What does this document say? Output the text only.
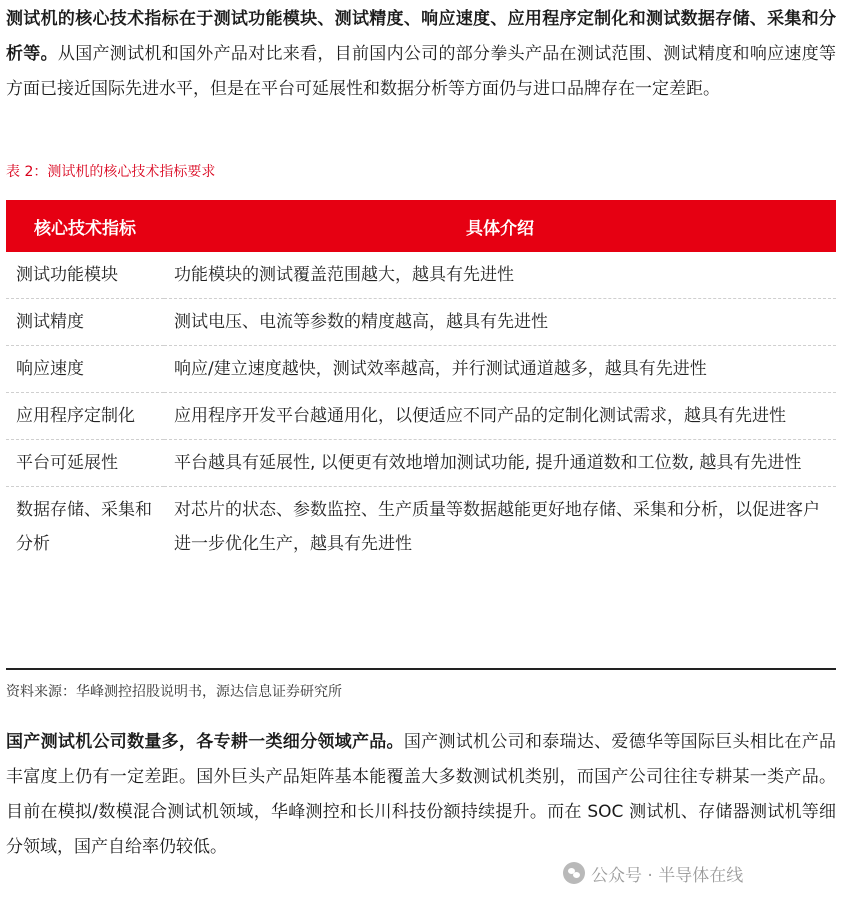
测试机的核心技术指标在于测试功能模块、测试精度、响应速度、应用程序定制化和测试数据存储、采集和分析等。从国产测试机和国外产品对比来看，目前国内公司的部分拳头产品在测试范围、测试精度和响应速度等方面已接近国际先进水平，但是在平台可延展性和数据分析等方面仍与进口品牌存在一定差距。

表 2：测试机的核心技术指标要求
核心技术指标	具体介绍
测试功能模块	功能模块的测试覆盖范围越大，越具有先进性
测试精度	测试电压、电流等参数的精度越高，越具有先进性
响应速度	响应/建立速度越快，测试效率越高，并行测试通道越多，越具有先进性
应用程序定制化	应用程序开发平台越通用化，以便适应不同产品的定制化测试需求，越具有先进性
平台可延展性	平台越具有延展性, 以便更有效地增加测试功能, 提升通道数和工位数, 越具有先进性
数据存储、采集和分析	对芯片的状态、参数监控、生产质量等数据越能更好地存储、采集和分析，以促进客户进一步优化生产，越具有先进性
资料来源：华峰测控招股说明书，源达信息证券研究所

国产测试机公司数量多，各专耕一类细分领域产品。国产测试机公司和泰瑞达、爱德华等国际巨头相比在产品丰富度上仍有一定差距。国外巨头产品矩阵基本能覆盖大多数测试机类别，而国产公司往往专耕某一类产品。目前在模拟/数模混合测试机领域，华峰测控和长川科技份额持续提升。而在 SOC 测试机、存储器测试机等细分领域，国产自给率仍较低。

公众号 · 半导体在线
